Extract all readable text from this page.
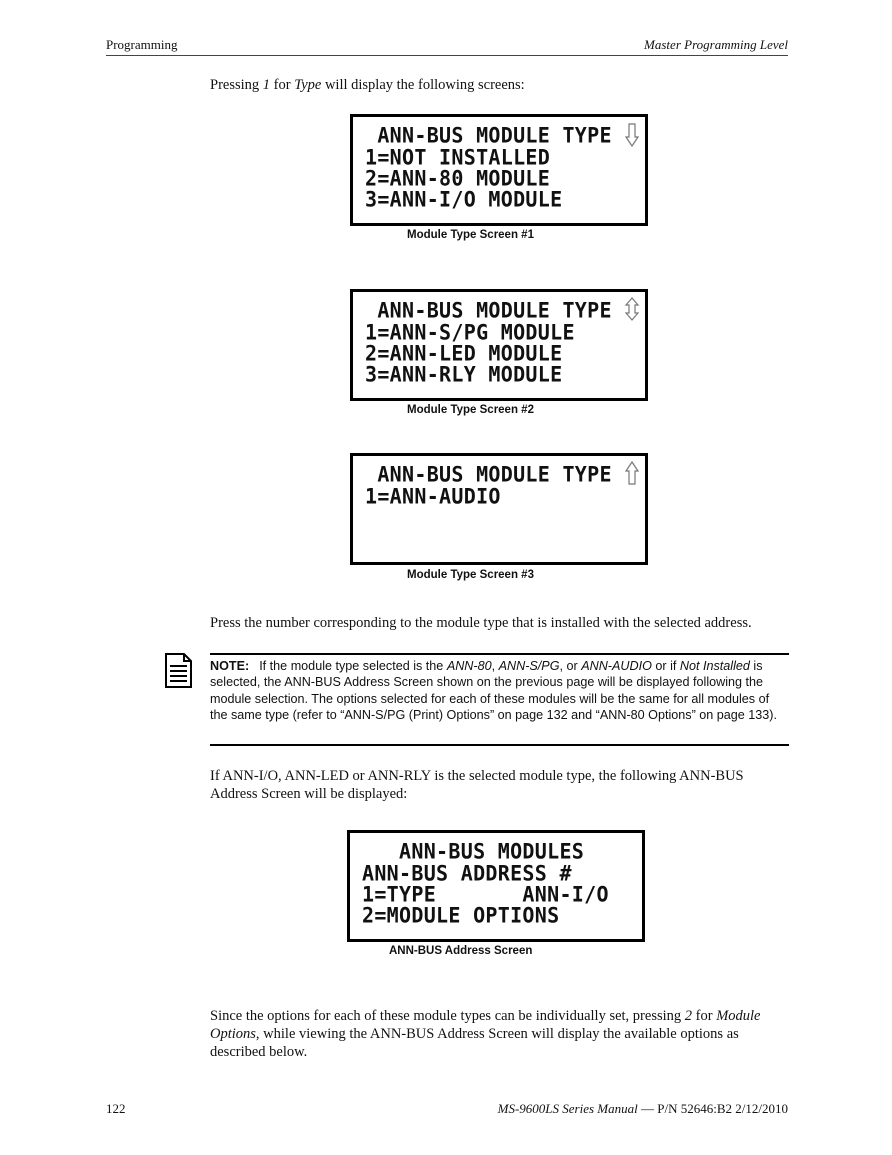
Programming	Master Programming Level
Pressing 1 for Type will display the following screens:
ANN-BUS MODULE TYPE
1=NOT INSTALLED
2=ANN-80 MODULE
3=ANN-I/O MODULE
Module Type Screen #1
ANN-BUS MODULE TYPE
1=ANN-S/PG MODULE
2=ANN-LED MODULE
3=ANN-RLY MODULE
Module Type Screen #2
ANN-BUS MODULE TYPE
1=ANN-AUDIO
Module Type Screen #3
Press the number corresponding to the module type that is installed with the selected address.
NOTE: If the module type selected is the ANN-80, ANN-S/PG, or ANN-AUDIO or if Not Installed is selected, the ANN-BUS Address Screen shown on the previous page will be displayed following the module selection. The options selected for each of these modules will be the same for all modules of the same type (refer to “ANN-S/PG (Print) Options” on page 132 and “ANN-80 Options” on page 133).
If ANN-I/O, ANN-LED or ANN-RLY is the selected module type, the following ANN-BUS Address Screen will be displayed:
ANN-BUS MODULES
ANN-BUS ADDRESS #
1=TYPE       ANN-I/O
2=MODULE OPTIONS
ANN-BUS Address Screen
Since the options for each of these module types can be individually set, pressing 2 for Module Options, while viewing the ANN-BUS Address Screen will display the available options as described below.
122	MS-9600LS Series Manual — P/N 52646:B2 2/12/2010
